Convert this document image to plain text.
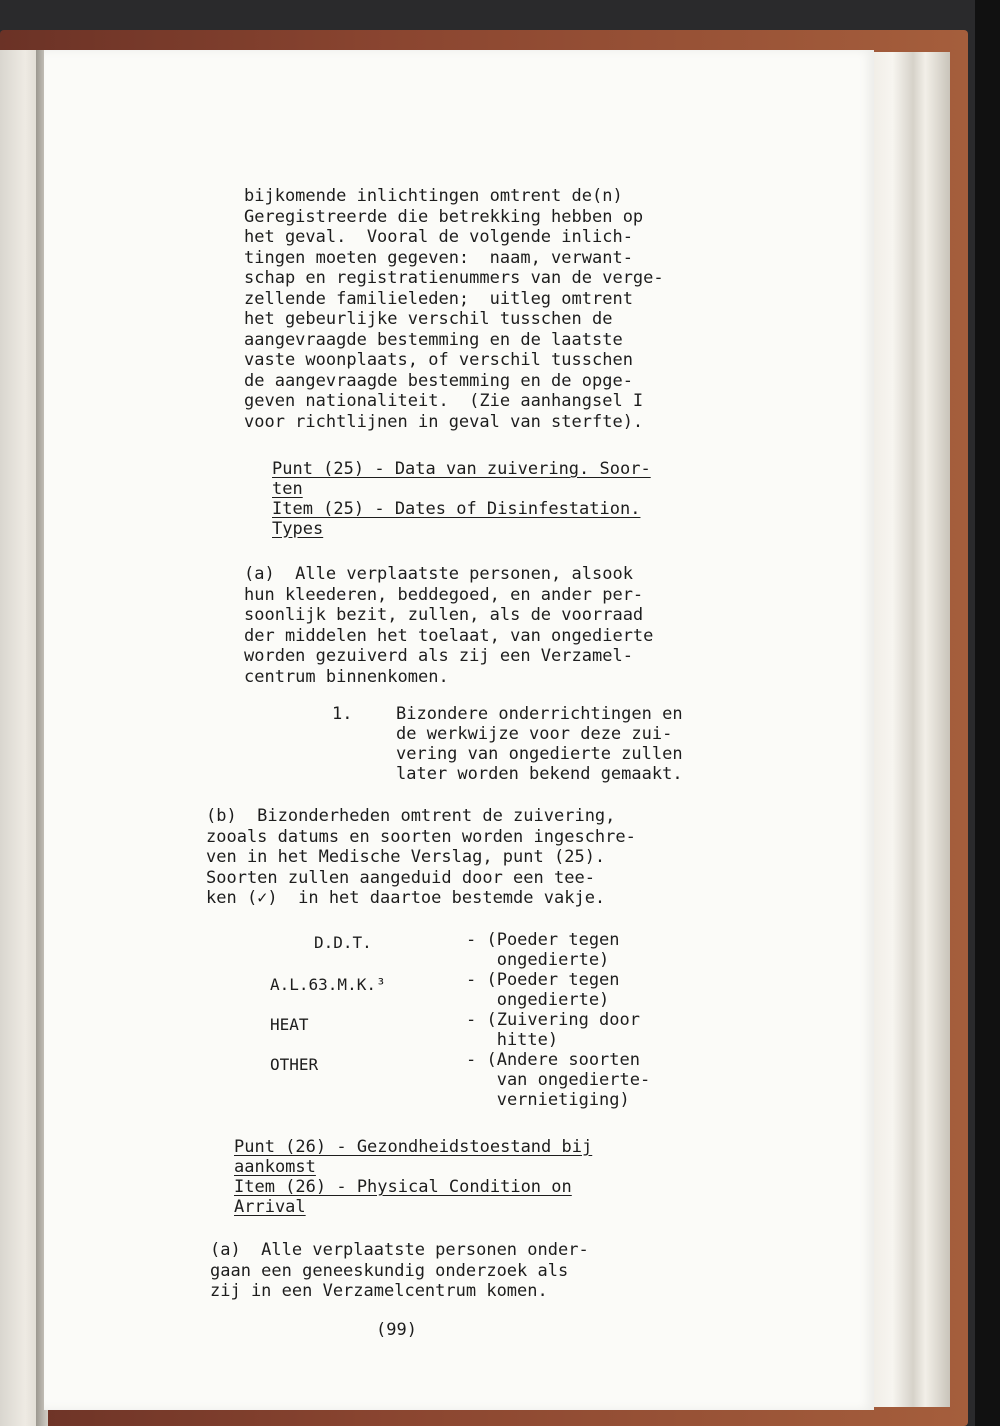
bijkomende inlichtingen omtrent de(n)
Geregistreerde die betrekking hebben op
het geval.  Vooral de volgende inlich-
tingen moeten gegeven:  naam, verwant-
schap en registratienummers van de verge-
zellende familieleden;  uitleg omtrent
het gebeurlijke verschil tusschen de
aangevraagde bestemming en de laatste
vaste woonplaats, of verschil tusschen
de aangevraagde bestemming en de opge-
geven nationaliteit.  (Zie aanhangsel I
voor richtlijnen in geval van sterfte).
Punt (25) - Data van zuivering. Soor-
ten
Item (25) - Dates of Disinfestation.
Types
(a)  Alle verplaatste personen, alsook
hun kleederen, beddegoed, en ander per-
soonlijk bezit, zullen, als de voorraad
der middelen het toelaat, van ongedierte
worden gezuiverd als zij een Verzamel-
centrum binnenkomen.
1.	Bizondere onderrichtingen en
de werkwijze voor deze zui-
vering van ongedierte zullen
later worden bekend gemaakt.
(b)  Bizonderheden omtrent de zuivering,
zooals datums en soorten worden ingeschre-
ven in het Medische Verslag, punt (25).
Soorten zullen aangeduid door een tee-
ken (✓)  in het daartoe bestemde vakje.
D.D.T.	- (Poeder tegen
ongedierte)
A.L.63.M.K.³	- (Poeder tegen
ongedierte)
HEAT	- (Zuivering door
hitte)
OTHER	- (Andere soorten
van ongedierte-
vernietiging)
Punt (26) - Gezondheidstoestand bij
aankomst
Item (26) - Physical Condition on
Arrival
(a)  Alle verplaatste personen onder-
gaan een geneeskundig onderzoek als
zij in een Verzamelcentrum komen.
(99)
